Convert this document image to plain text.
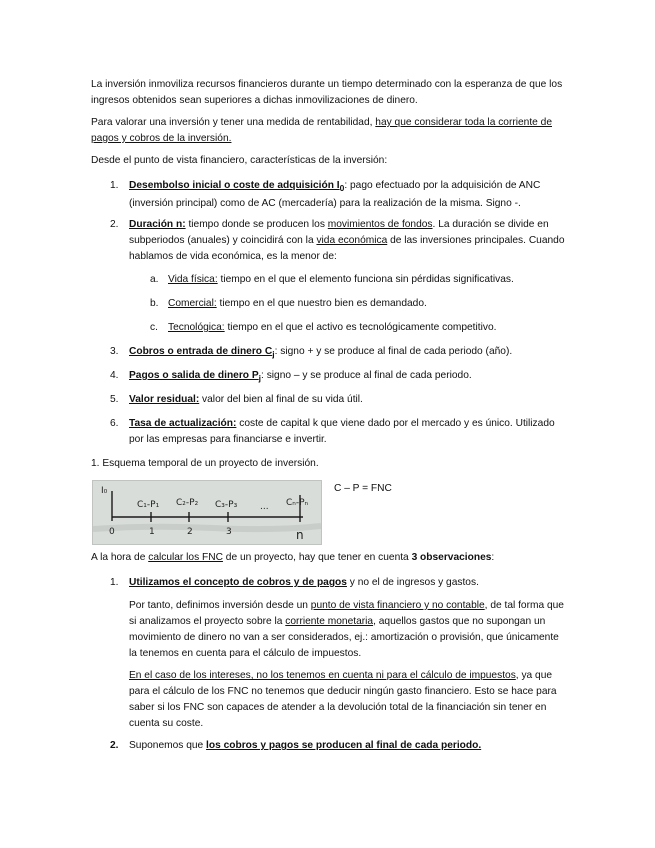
La inversión inmoviliza recursos financieros durante un tiempo determinado con la esperanza de que los ingresos obtenidos sean superiores a dichas inmovilizaciones de dinero.

Para valorar una inversión y tener una medida de rentabilidad, hay que considerar toda la corriente de pagos y cobros de la inversión.

Desde el punto de vista financiero, características de la inversión:

1. Desembolso inicial o coste de adquisición $I_0$: pago efectuado por la adquisición de ANC (inversión principal) como de AC (mercadería) para la realización de la misma. Signo -.

2. Duración n: tiempo donde se producen los movimientos de fondos. La duración se divide en subperiodos (anuales) y coincidirá con la vida económica de las inversiones principales. Cuando hablamos de vida económica, es la menor de:

a. Vida física: tiempo en el que el elemento funciona sin pérdidas significativas.

b. Comercial: tiempo en el que nuestro bien es demandado.

c. Tecnológica: tiempo en el que el activo es tecnológicamente competitivo.

3. Cobros o entrada de dinero $C_j$: signo + y se produce al final de cada periodo (año).

4. Pagos o salida de dinero $P_j$: signo – y se produce al final de cada periodo.

5. Valor residual: valor del bien al final de su vida útil.

6. Tasa de actualización: coste de capital k que viene dado por el mercado y es único. Utilizado por las empresas para financiarse e invertir.

1. Esquema temporal de un proyecto de inversión.

I₀
C₁-P₁ C₂-P₂ C₃-P₃	... Cₙ-Pₙ
0	1	2	3	n

C – P = FNC

A la hora de calcular los FNC de un proyecto, hay que tener en cuenta 3 observaciones:

1. Utilizamos el concepto de cobros y de pagos y no el de ingresos y gastos.

Por tanto, definimos inversión desde un punto de vista financiero y no contable, de tal forma que si analizamos el proyecto sobre la corriente monetaria, aquellos gastos que no supongan un movimiento de dinero no van a ser considerados, ej.: amortización o provisión, que únicamente la tenemos en cuenta para el cálculo de impuestos.

En el caso de los intereses, no los tenemos en cuenta ni para el cálculo de impuestos, ya que para el cálculo de los FNC no tenemos que deducir ningún gasto financiero. Esto se hace para saber si los FNC son capaces de atender a la devolución total de la financiación sin tener en cuenta su coste.

2. Suponemos que los cobros y pagos se producen al final de cada periodo.
